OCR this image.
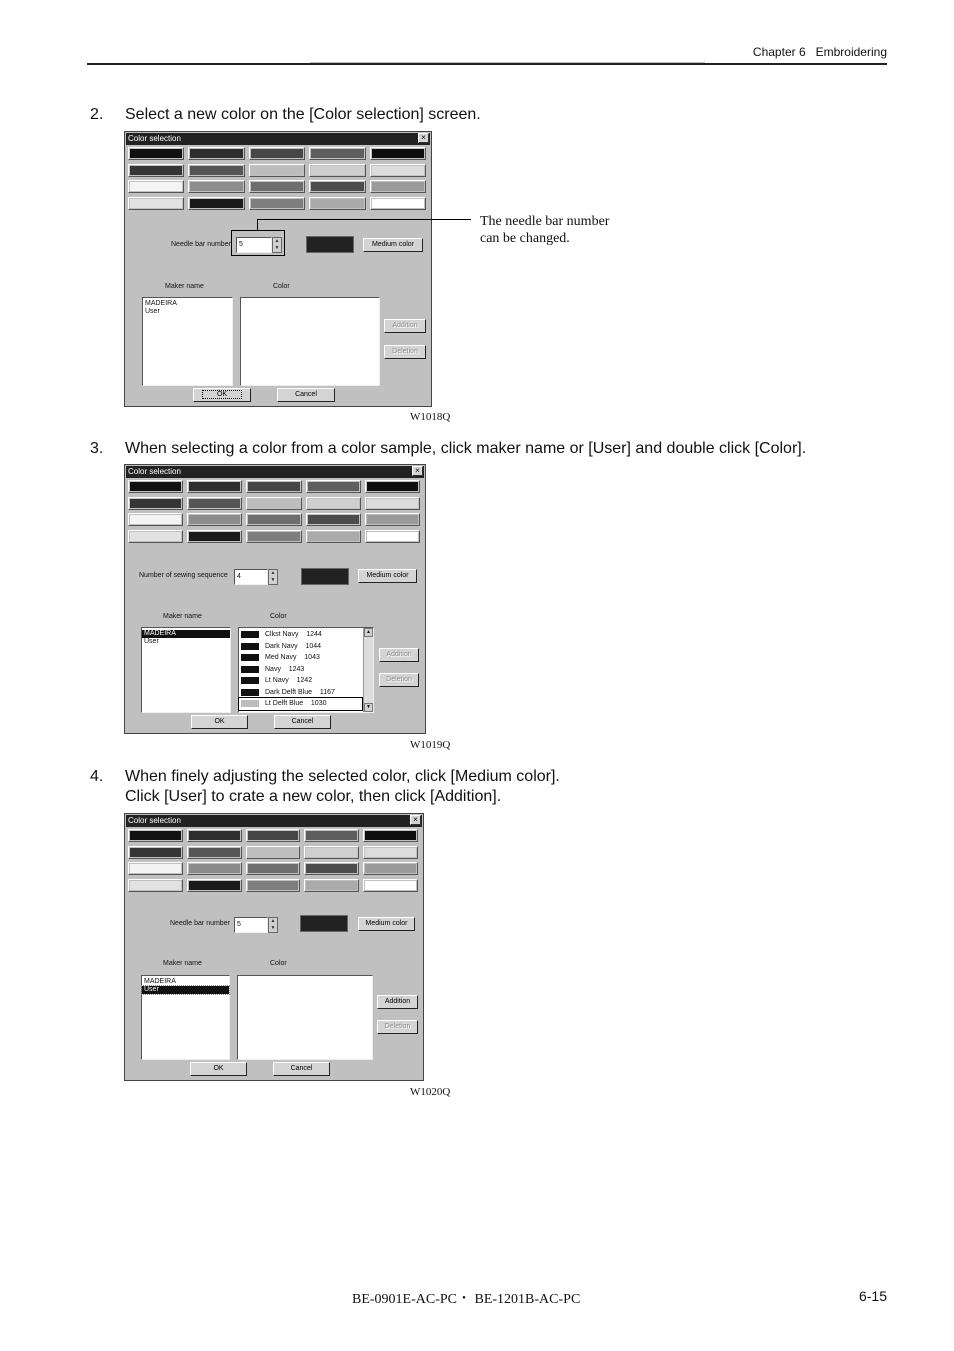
Chapter 6   Embroidering
2. Select a new color on the [Color selection] screen.
Color selection	×
Needle bar number	5	▲
▼	Medium color
Maker name	Color
MADEIRA
User
Addition
Deletion
OK	Cancel
The needle bar number
can be changed.
W1018Q
3. When selecting a color from a color sample, click maker name or [User] and double click [Color].
Color selection	×
Number of sewing sequence	4	▲
▼
Medium color
Maker name	Color
MADEIRA
User
Clkst Navy    1244
Dark Navy    1044
Med Navy    1043
Navy    1243
Lt Navy    1242
Dark Delft Blue    1167
Lt Delft Blue    1030
▲
▼
Addition
Deletion
OK	Cancel
W1019Q
4. When finely adjusting the selected color, click [Medium color].
Click [User] to crate a new color, then click [Addition].
Color selection	×
Needle bar number	5	▲
▼
Medium color
Maker name	Color
MADEIRA
User
Addition
Deletion
OK	Cancel
W1020Q
BE-0901E-AC-PC・ BE-1201B-AC-PC	6-15
